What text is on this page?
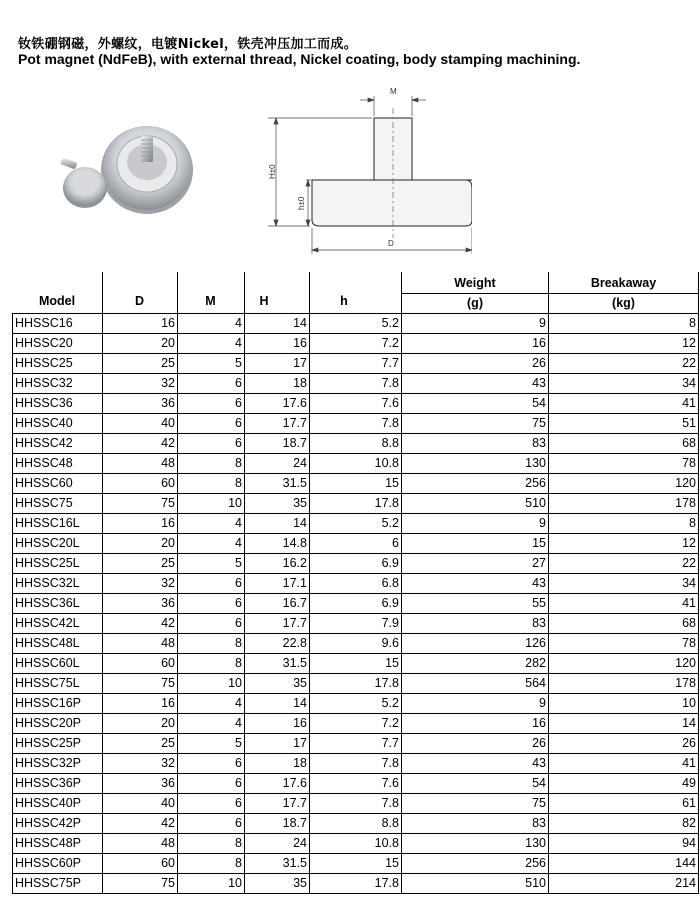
钕铁硼钢磁，外螺纹，电镀Nickel，铁壳冲压加工而成。
Pot magnet (NdFeB), with external thread, Nickel coating, body stamping machining.
M
H±0
h±0
D
					Weight	Breakaway
					(g)	(kg)
HHSSC16	16	4	14	5.2	9	8
HHSSC20	20	4	16	7.2	16	12
HHSSC25	25	5	17	7.7	26	22
HHSSC32	32	6	18	7.8	43	34
HHSSC36	36	6	17.6	7.6	54	41
HHSSC40	40	6	17.7	7.8	75	51
HHSSC42	42	6	18.7	8.8	83	68
HHSSC48	48	8	24	10.8	130	78
HHSSC60	60	8	31.5	15	256	120
HHSSC75	75	10	35	17.8	510	178
HHSSC16L	16	4	14	5.2	9	8
HHSSC20L	20	4	14.8	6	15	12
HHSSC25L	25	5	16.2	6.9	27	22
HHSSC32L	32	6	17.1	6.8	43	34
HHSSC36L	36	6	16.7	6.9	55	41
HHSSC42L	42	6	17.7	7.9	83	68
HHSSC48L	48	8	22.8	9.6	126	78
HHSSC60L	60	8	31.5	15	282	120
HHSSC75L	75	10	35	17.8	564	178
HHSSC16P	16	4	14	5.2	9	10
HHSSC20P	20	4	16	7.2	16	14
HHSSC25P	25	5	17	7.7	26	26
HHSSC32P	32	6	18	7.8	43	41
HHSSC36P	36	6	17.6	7.6	54	49
HHSSC40P	40	6	17.7	7.8	75	61
HHSSC42P	42	6	18.7	8.8	83	82
HHSSC48P	48	8	24	10.8	130	94
HHSSC60P	60	8	31.5	15	256	144
HHSSC75P	75	10	35	17.8	510	214
Model	D	M	H	h
